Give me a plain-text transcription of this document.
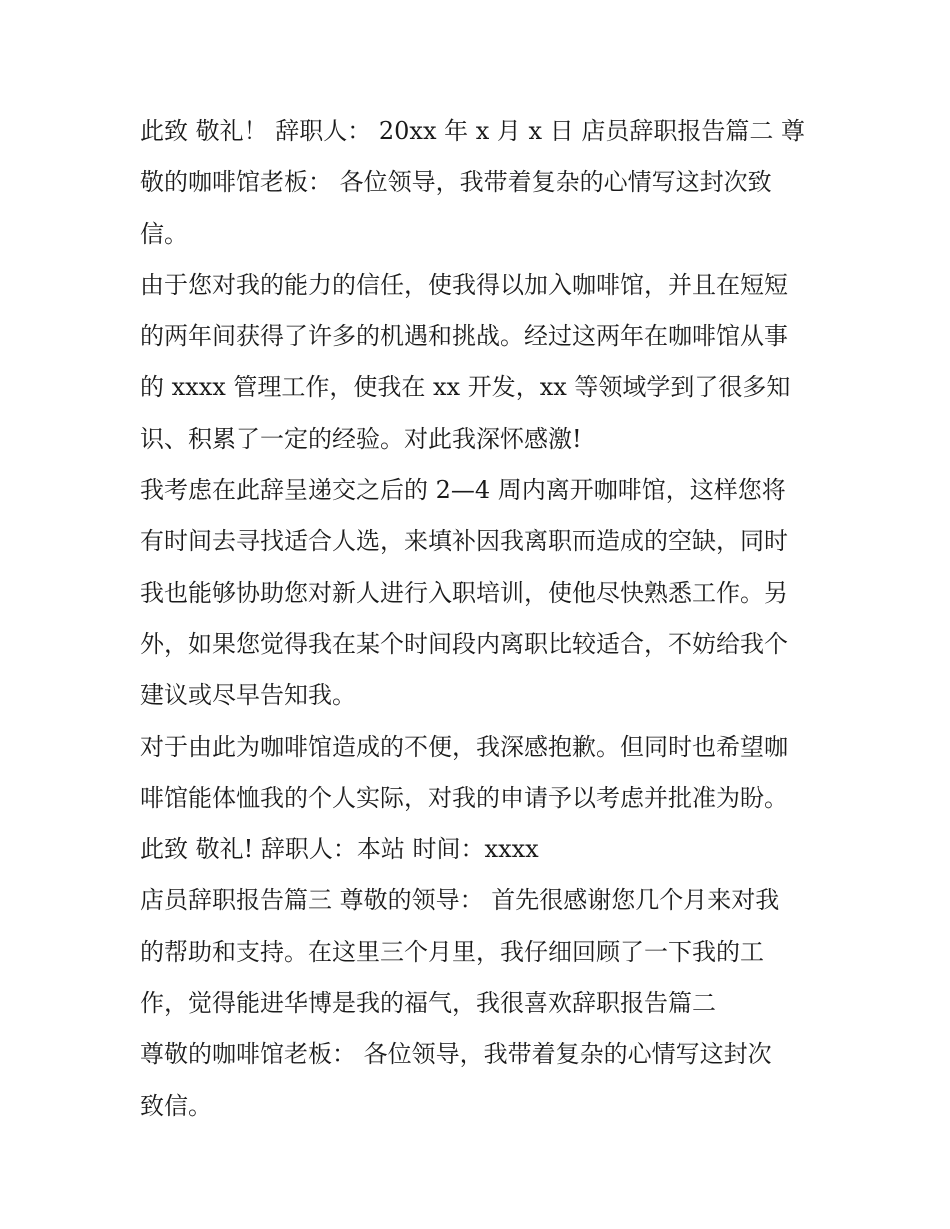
此致 敬礼！ 辞职人： 20xx 年 x 月 x 日 店员辞职报告篇二 尊
敬的咖啡馆老板： 各位领导，我带着复杂的心情写这封次致
信。
由于您对我的能力的信任，使我得以加入咖啡馆，并且在短短
的两年间获得了许多的机遇和挑战。经过这两年在咖啡馆从事
的 xxxx 管理工作，使我在 xx 开发，xx 等领域学到了很多知
识、积累了一定的经验。对此我深怀感激!
我考虑在此辞呈递交之后的 2—4 周内离开咖啡馆，这样您将
有时间去寻找适合人选，来填补因我离职而造成的空缺，同时
我也能够协助您对新人进行入职培训，使他尽快熟悉工作。另
外，如果您觉得我在某个时间段内离职比较适合，不妨给我个
建议或尽早告知我。
对于由此为咖啡馆造成的不便，我深感抱歉。但同时也希望咖
啡馆能体恤我的个人实际，对我的申请予以考虑并批准为盼。
此致 敬礼! 辞职人：本站 时间：xxxx
店员辞职报告篇三 尊敬的领导： 首先很感谢您几个月来对我
的帮助和支持。在这里三个月里，我仔细回顾了一下我的工
作，觉得能进华博是我的福气，我很喜欢辞职报告篇二
尊敬的咖啡馆老板： 各位领导，我带着复杂的心情写这封次
致信。
